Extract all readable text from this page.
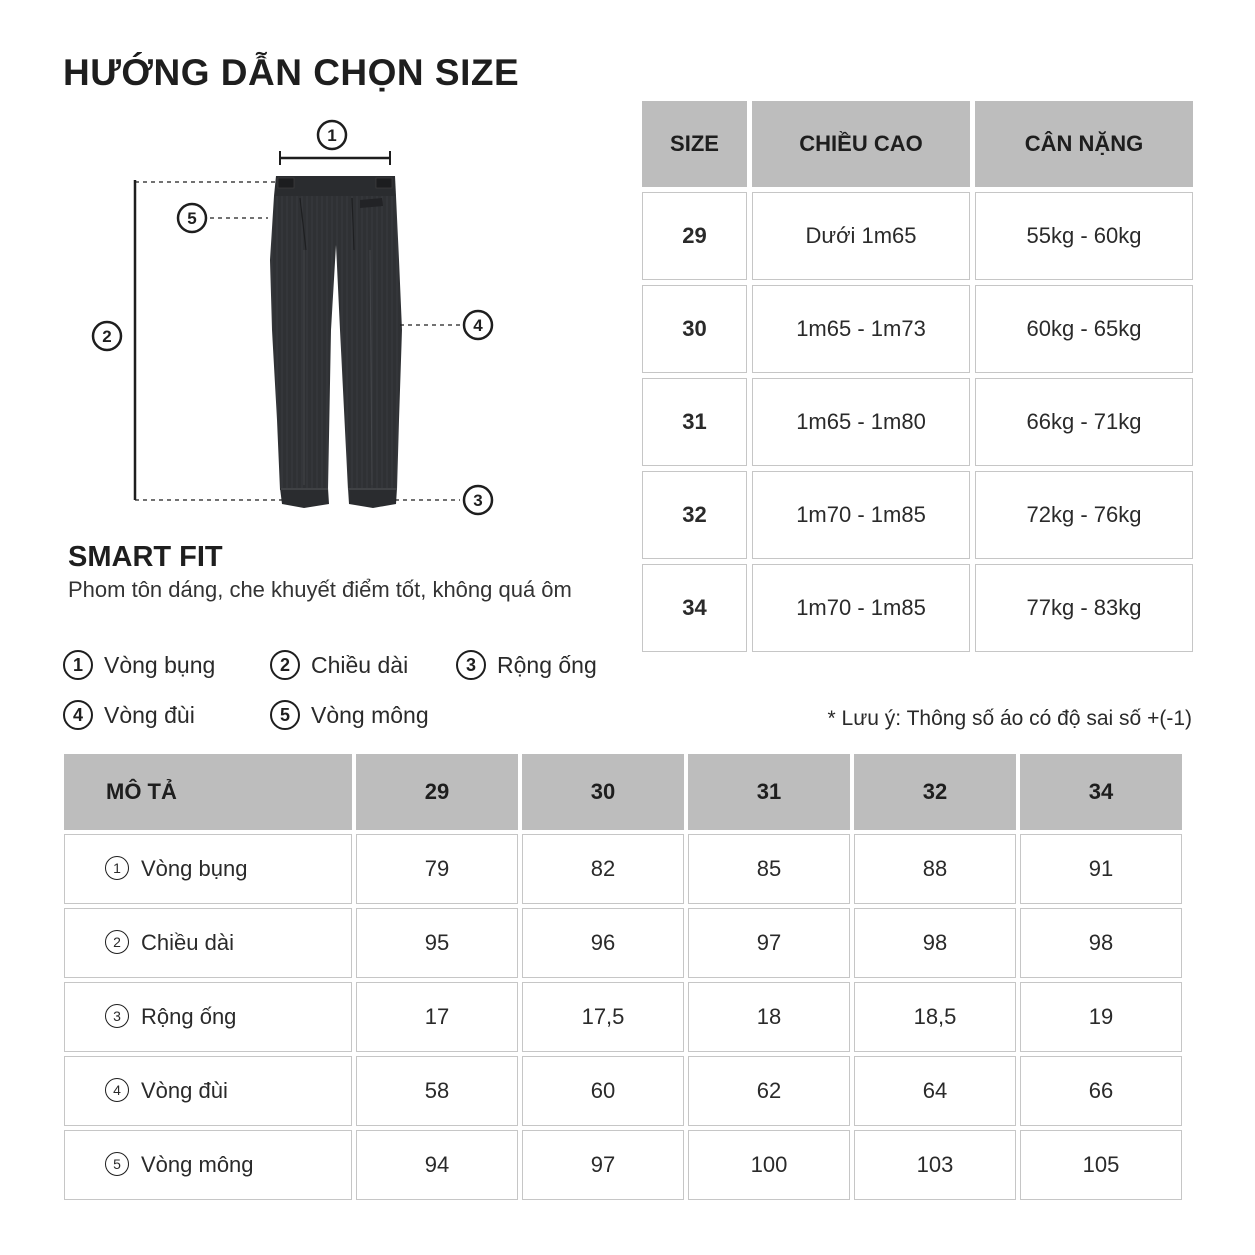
HƯỚNG DẪN CHỌN SIZE
SIZE	CHIỀU CAO	CÂN NẶNG
29	Dưới 1m65	55kg - 60kg
30	1m65 - 1m73	60kg - 65kg
31	1m65 - 1m80	66kg - 71kg
32	1m70 - 1m85	72kg - 76kg
34	1m70 - 1m85	77kg - 83kg
1
2
3
4
5
SMART FIT

Phom tôn dáng, che khuyết điểm tốt, không quá ôm

1 Vòng bụng	2 Chiều dài	3 Rộng ống
4 Vòng đùi	5 Vòng mông	* Lưu ý: Thông số áo có độ sai số +(-1)
MÔ TẢ	29	30	31	32	34
1 Vòng bụng	79	82	85	88	91
2 Chiều dài	95	96	97	98	98
3 Rộng ống	17	17,5	18	18,5	19
4 Vòng đùi	58	60	62	64	66
5 Vòng mông	94	97	100	103	105
